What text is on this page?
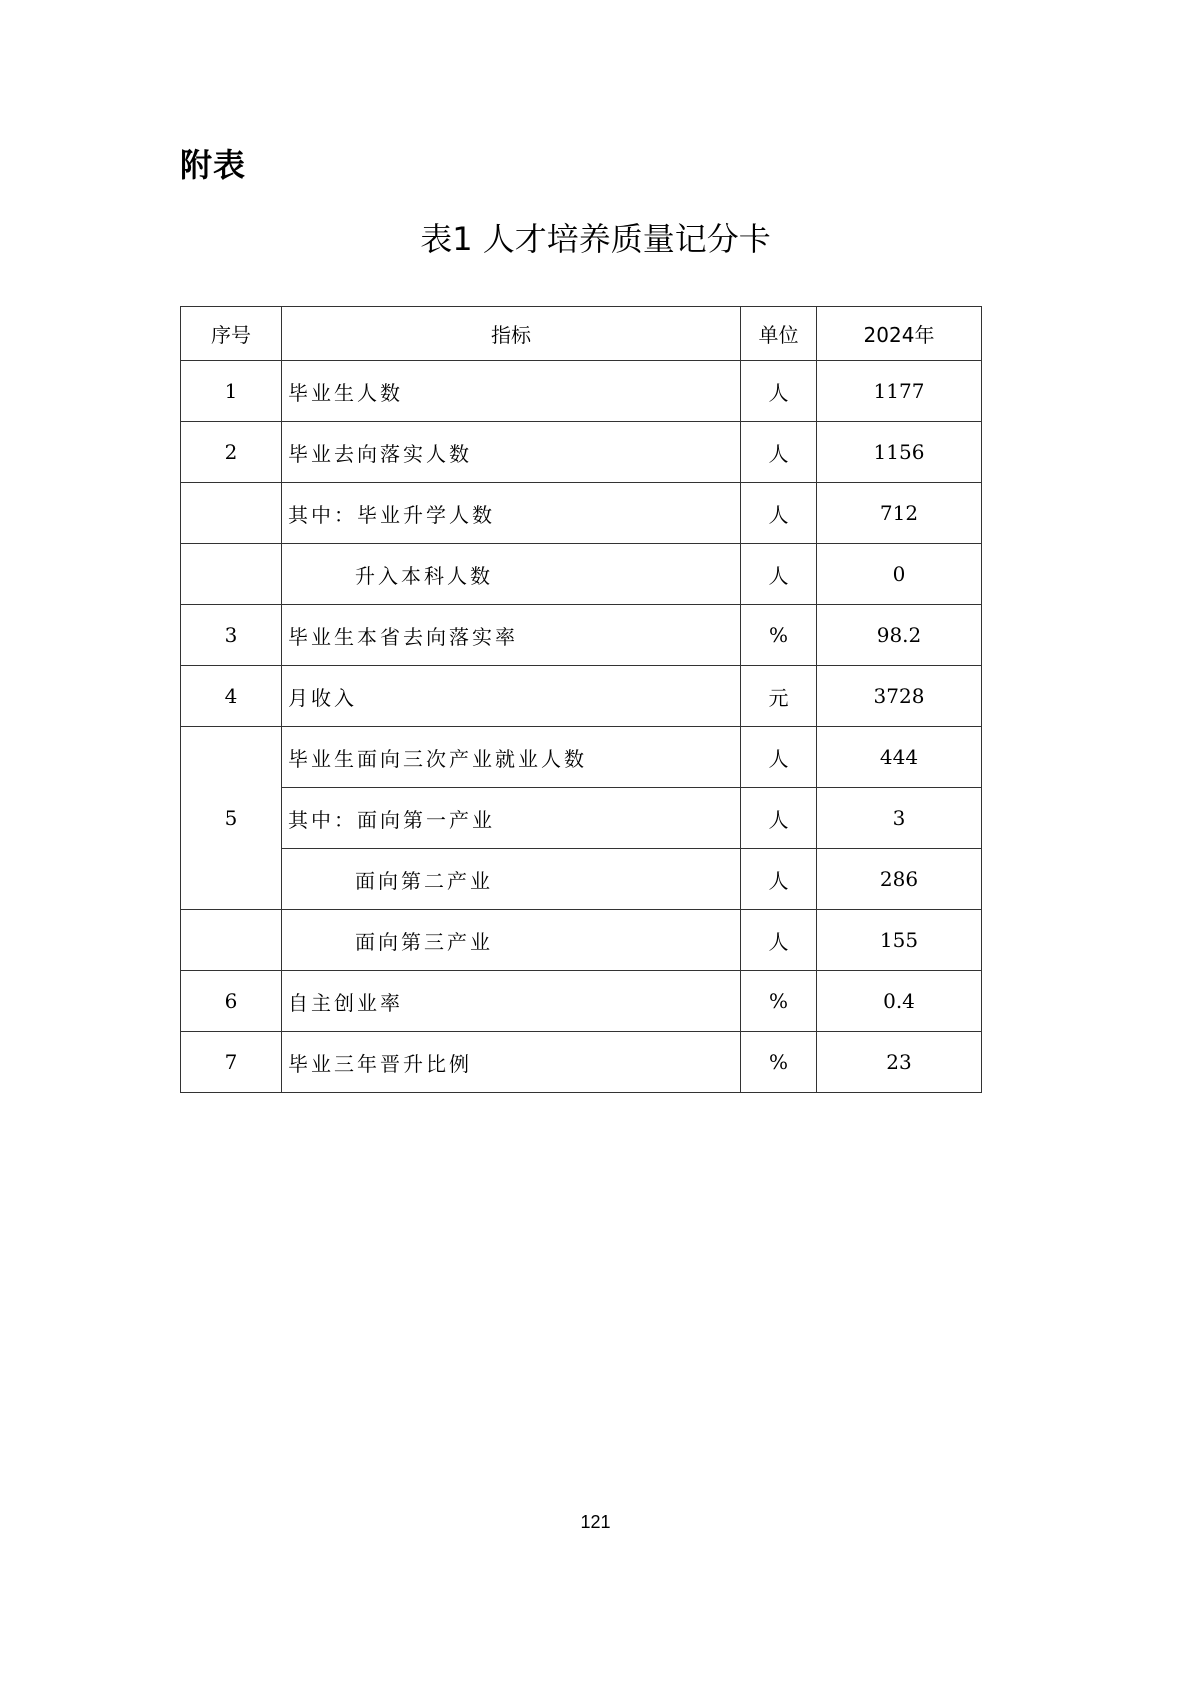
附表
表1 人才培养质量记分卡
序号	指标	单位	2024年
1	毕业生人数	人	1177
2	毕业去向落实人数	人	1156
	其中：毕业升学人数	人	712
	升入本科人数	人	0
3	毕业生本省去向落实率	%	98.2
4	月收入	元	3728
5	毕业生面向三次产业就业人数	人	444
	其中：面向第一产业	人	3
	面向第二产业	人	286
	面向第三产业	人	155
6	自主创业率	%	0.4
7	毕业三年晋升比例	%	23
121
